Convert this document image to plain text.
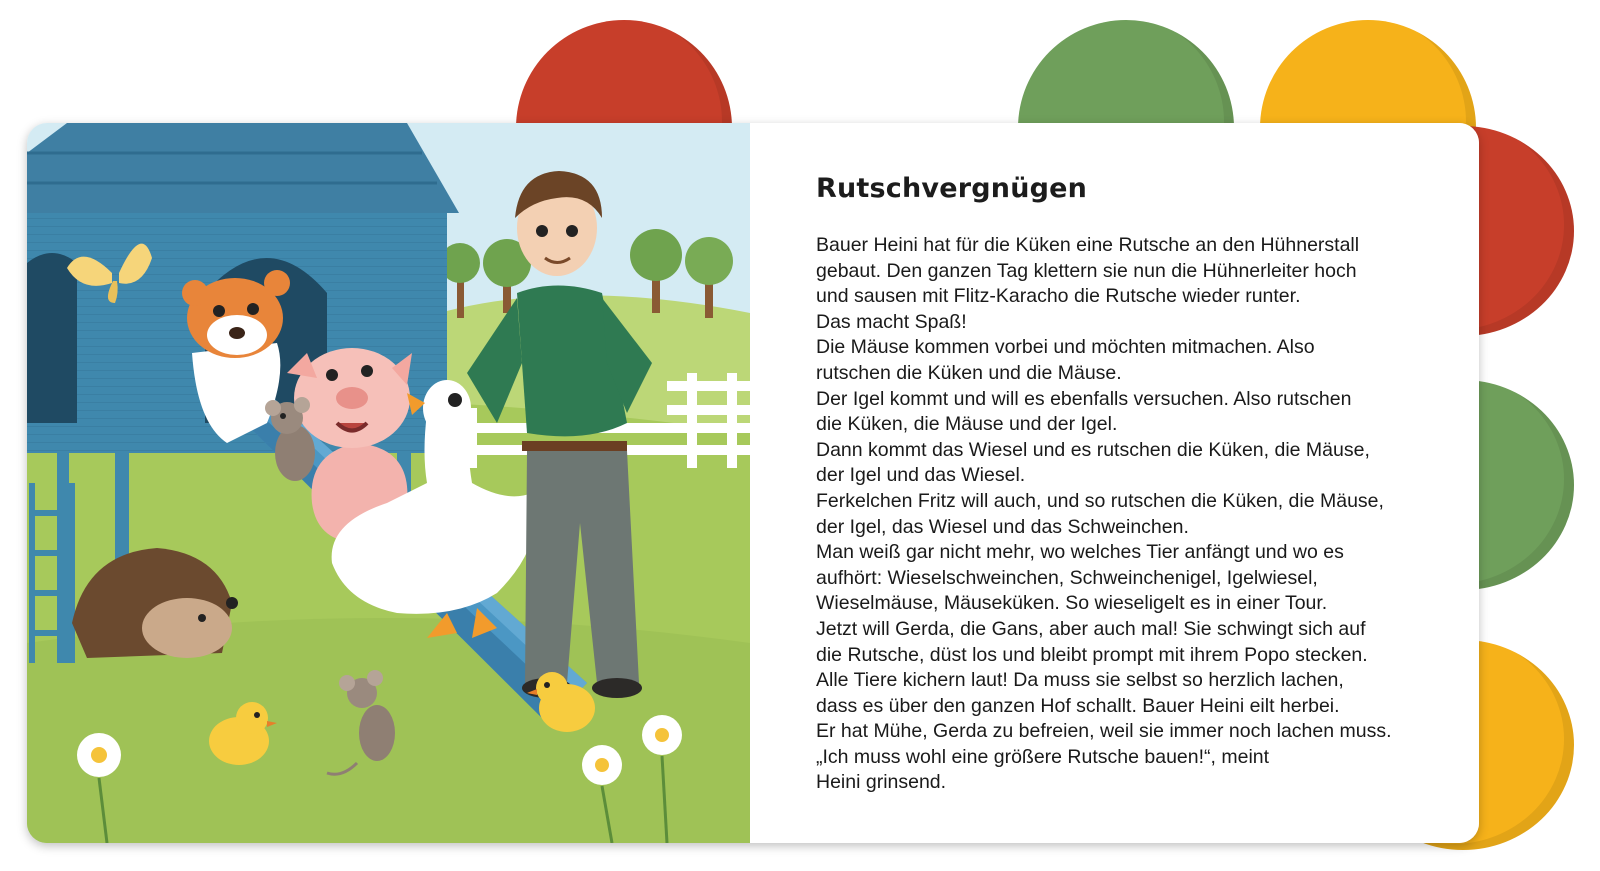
Rutschvergnügen
Bauer Heini hat für die Küken eine Rutsche an den Hühnerstall
gebaut. Den ganzen Tag klettern sie nun die Hühnerleiter hoch
und sausen mit Flitz-Karacho die Rutsche wieder runter.
Das macht Spaß!
Die Mäuse kommen vorbei und möchten mitmachen. Also
rutschen die Küken und die Mäuse.
Der Igel kommt und will es ebenfalls versuchen. Also rutschen
die Küken, die Mäuse und der Igel.
Dann kommt das Wiesel und es rutschen die Küken, die Mäuse,
der Igel und das Wiesel.
Ferkelchen Fritz will auch, und so rutschen die Küken, die Mäuse,
der Igel, das Wiesel und das Schweinchen.
Man weiß gar nicht mehr, wo welches Tier anfängt und wo es
aufhört: Wieselschweinchen, Schweinchenigel, Igelwiesel,
Wieselmäuse, Mäuseküken. So wieseligelt es in einer Tour.
Jetzt will Gerda, die Gans, aber auch mal! Sie schwingt sich auf
die Rutsche, düst los und bleibt prompt mit ihrem Popo stecken.
Alle Tiere kichern laut! Da muss sie selbst so herzlich lachen,
dass es über den ganzen Hof schallt. Bauer Heini eilt herbei.
Er hat Mühe, Gerda zu befreien, weil sie immer noch lachen muss.
„Ich muss wohl eine größere Rutsche bauen!“, meint
Heini grinsend.
